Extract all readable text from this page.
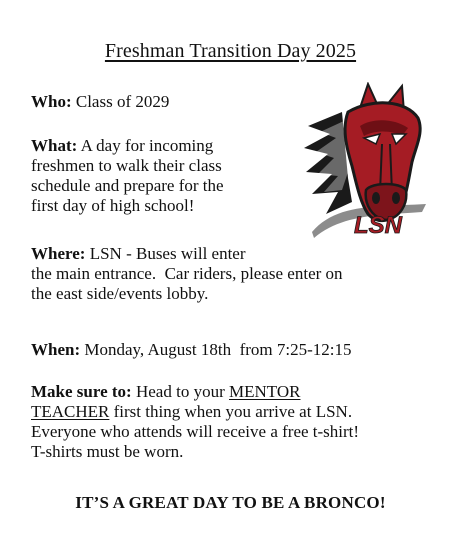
Freshman Transition Day 2025
Who: Class of 2029
What: A day for incoming
freshmen to walk their class
schedule and prepare for the
first day of high school!
Where: LSN - Buses will enter
the main entrance.  Car riders, please enter on
the east side/events lobby.
When: Monday, August 18th  from 7:25-12:15
Make sure to: Head to your MENTOR
TEACHER first thing when you arrive at LSN.
Everyone who attends will receive a free t-shirt!
T-shirts must be worn.
IT’S A GREAT DAY TO BE A BRONCO!
LSN
